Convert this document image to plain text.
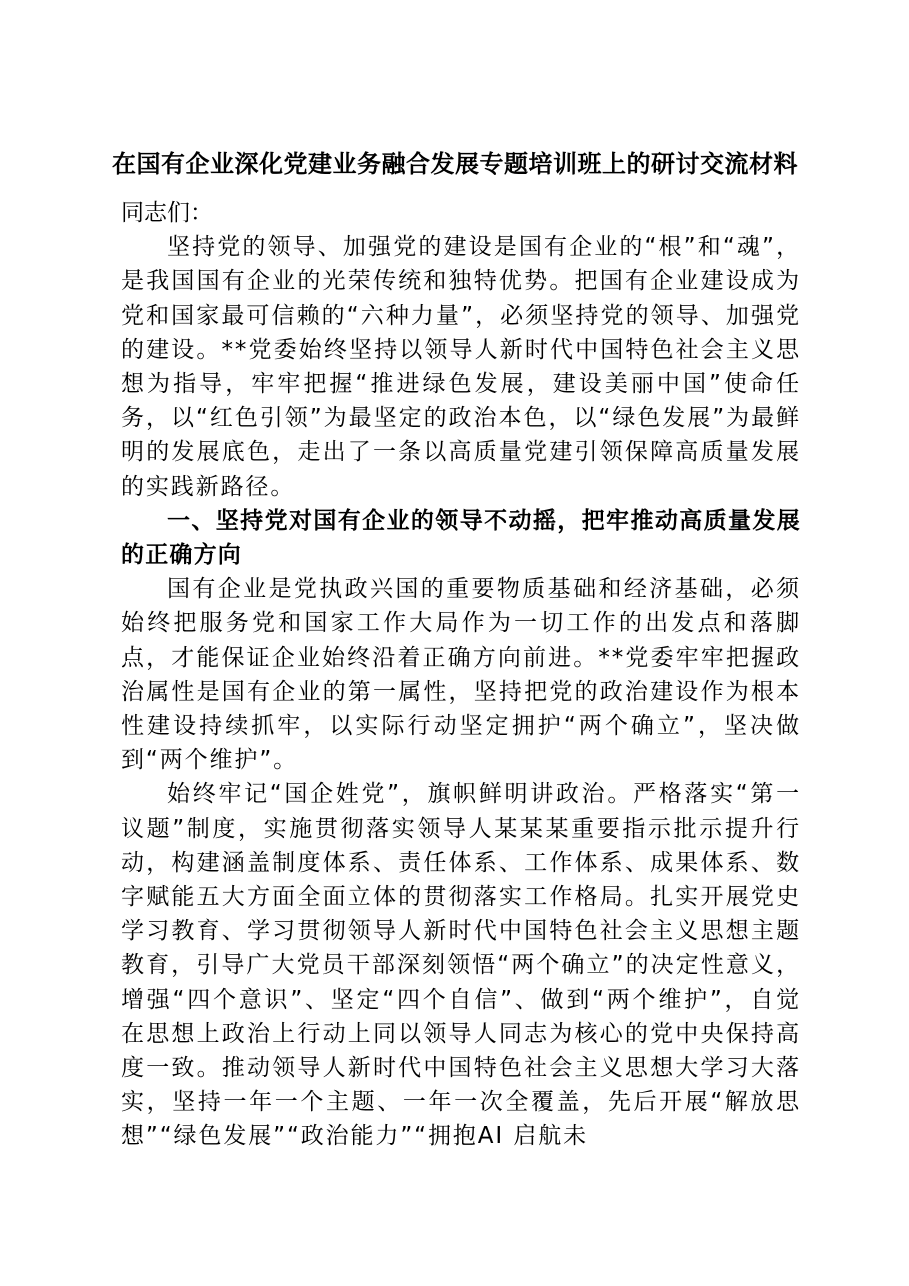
在国有企业深化党建业务融合发展专题培训班上的研讨交流材料

同志们：

坚持党的领导、加强党的建设是国有企业的“根”和“魂”，是我国国有企业的光荣传统和独特优势。把国有企业建设成为党和国家最可信赖的“六种力量”，必须坚持党的领导、加强党的建设。**党委始终坚持以领导人新时代中国特色社会主义思想为指导，牢牢把握“推进绿色发展，建设美丽中国”使命任务，以“红色引领”为最坚定的政治本色，以“绿色发展”为最鲜明的发展底色，走出了一条以高质量党建引领保障高质量发展的实践新路径。

一、坚持党对国有企业的领导不动摇，把牢推动高质量发展的正确方向

国有企业是党执政兴国的重要物质基础和经济基础，必须始终把服务党和国家工作大局作为一切工作的出发点和落脚点，才能保证企业始终沿着正确方向前进。**党委牢牢把握政治属性是国有企业的第一属性，坚持把党的政治建设作为根本性建设持续抓牢，以实际行动坚定拥护“两个确立”，坚决做到“两个维护”。

始终牢记“国企姓党”，旗帜鲜明讲政治。严格落实“第一议题”制度，实施贯彻落实领导人某某某重要指示批示提升行动，构建涵盖制度体系、责任体系、工作体系、成果体系、数字赋能五大方面全面立体的贯彻落实工作格局。扎实开展党史学习教育、学习贯彻领导人新时代中国特色社会主义思想主题教育，引导广大党员干部深刻领悟“两个确立”的决定性意义，增强“四个意识”、坚定“四个自信”、做到“两个维护”，自觉在思想上政治上行动上同以领导人同志为核心的党中央保持高度一致。推动领导人新时代中国特色社会主义思想大学习大落实，坚持一年一个主题、一年一次全覆盖，先后开展“解放思想”“绿色发展”“政治能力”“拥抱AI 启航未
